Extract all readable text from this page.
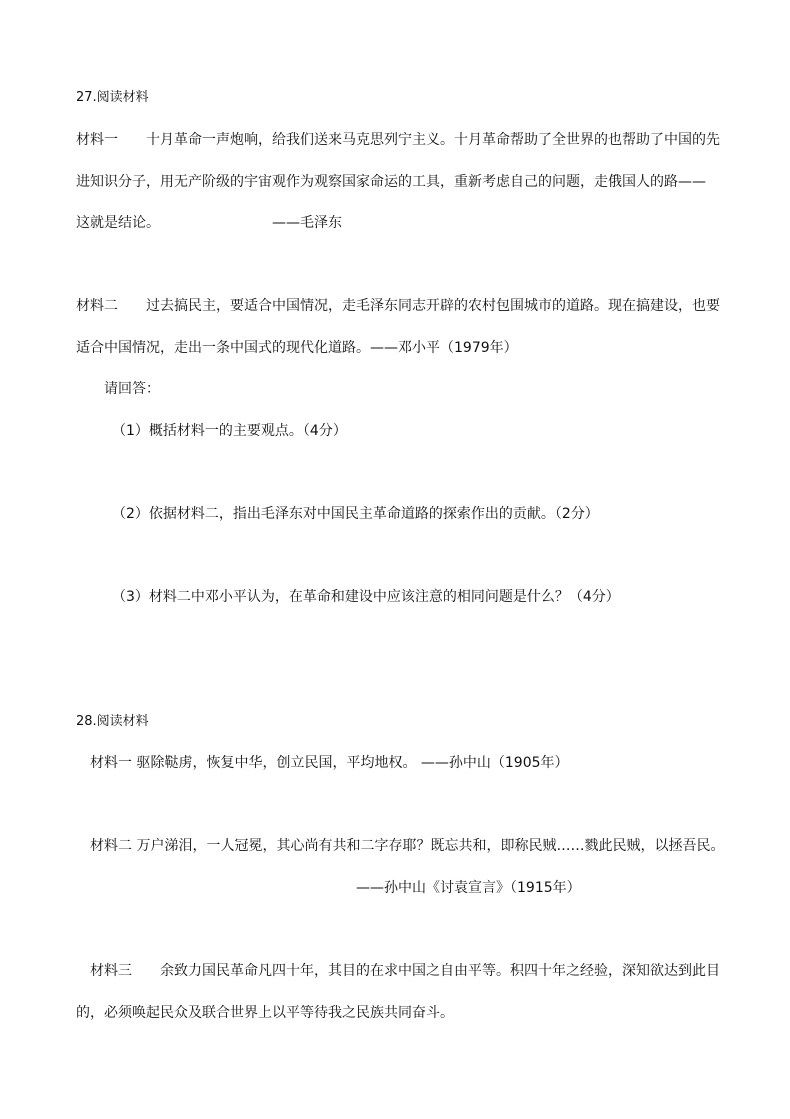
27.阅读材料
材料一　　十月革命一声炮响，给我们送来马克思列宁主义。十月革命帮助了全世界的也帮助了中国的先
进知识分子，用无产阶级的宇宙观作为观察国家命运的工具，重新考虑自己的问题，走俄国人的路——
这就是结论。	——毛泽东
材料二　　过去搞民主，要适合中国情况，走毛泽东同志开辟的农村包围城市的道路。现在搞建设，也要
适合中国情况，走出一条中国式的现代化道路。——邓小平（1979年）
请回答：
（1）概括材料一的主要观点。（4分）
（2）依据材料二，指出毛泽东对中国民主革命道路的探索作出的贡献。（2分）
（3）材料二中邓小平认为，在革命和建设中应该注意的相同问题是什么？（4分）
28.阅读材料
材料一 驱除鞑虏，恢复中华，创立民国，平均地权。 ——孙中山（1905年）
材料二 万户涕泪，一人冠冕，其心尚有共和二字存耶？既忘共和，即称民贼……戮此民贼，以拯吾民。
——孙中山《讨袁宣言》（1915年）
材料三　　余致力国民革命凡四十年，其目的在求中国之自由平等。积四十年之经验，深知欲达到此目
的，必须唤起民众及联合世界上以平等待我之民族共同奋斗。
